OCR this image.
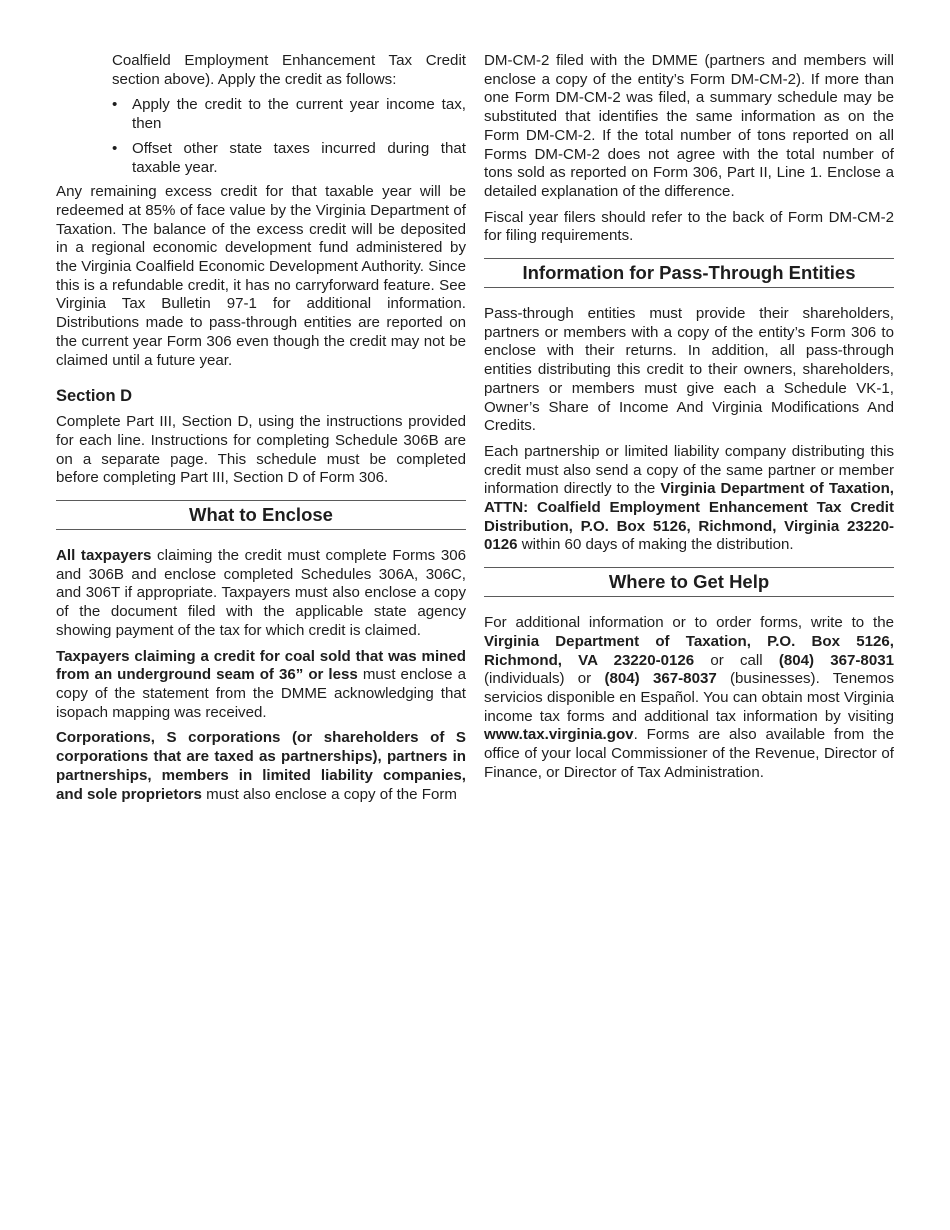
Coalfield Employment Enhancement Tax Credit section above). Apply the credit as follows:

• Apply the credit to the current year income tax, then
• Offset other state taxes incurred during that taxable year.

Any remaining excess credit for that taxable year will be redeemed at 85% of face value by the Virginia Department of Taxation. The balance of the excess credit will be deposited in a regional economic development fund administered by the Virginia Coalfield Economic Development Authority. Since this is a refundable credit, it has no carryforward feature. See Virginia Tax Bulletin 97-1 for additional information. Distributions made to pass-through entities are reported on the current year Form 306 even though the credit may not be claimed until a future year.

Section D

Complete Part III, Section D, using the instructions provided for each line. Instructions for completing Schedule 306B are on a separate page. This schedule must be completed before completing Part III, Section D of Form 306.

What to Enclose

All taxpayers claiming the credit must complete Forms 306 and 306B and enclose completed Schedules 306A, 306C, and 306T if appropriate. Taxpayers must also enclose a copy of the document filed with the applicable state agency showing payment of the tax for which credit is claimed.

Taxpayers claiming a credit for coal sold that was mined from an underground seam of 36” or less must enclose a copy of the statement from the DMME acknowledging that isopach mapping was received.

Corporations, S corporations (or shareholders of S corporations that are taxed as partnerships), partners in partnerships, members in limited liability companies, and sole proprietors must also enclose a copy of the Form

DM-CM-2 filed with the DMME (partners and members will enclose a copy of the entity’s Form DM-CM-2). If more than one Form DM-CM-2 was filed, a summary schedule may be substituted that identifies the same information as on the Form DM-CM-2. If the total number of tons reported on all Forms DM-CM-2 does not agree with the total number of tons sold as reported on Form 306, Part II, Line 1. Enclose a detailed explanation of the difference.

Fiscal year filers should refer to the back of Form DM-CM-2 for filing requirements.

Information for Pass-Through Entities

Pass-through entities must provide their shareholders, partners or members with a copy of the entity’s Form 306 to enclose with their returns. In addition, all pass-through entities distributing this credit to their owners, shareholders, partners or members must give each a Schedule VK-1, Owner’s Share of Income And Virginia Modifications And Credits.

Each partnership or limited liability company distributing this credit must also send a copy of the same partner or member information directly to the Virginia Department of Taxation, ATTN: Coalfield Employment Enhancement Tax Credit Distribution, P.O. Box 5126, Richmond, Virginia 23220-0126 within 60 days of making the distribution.

Where to Get Help

For additional information or to order forms, write to the Virginia Department of Taxation, P.O. Box 5126, Richmond, VA 23220-0126 or call (804) 367-8031 (individuals) or (804) 367-8037 (businesses). Tenemos servicios disponible en Español. You can obtain most Virginia income tax forms and additional tax information by visiting www.tax.virginia.gov. Forms are also available from the office of your local Commissioner of the Revenue, Director of Finance, or Director of Tax Administration.
